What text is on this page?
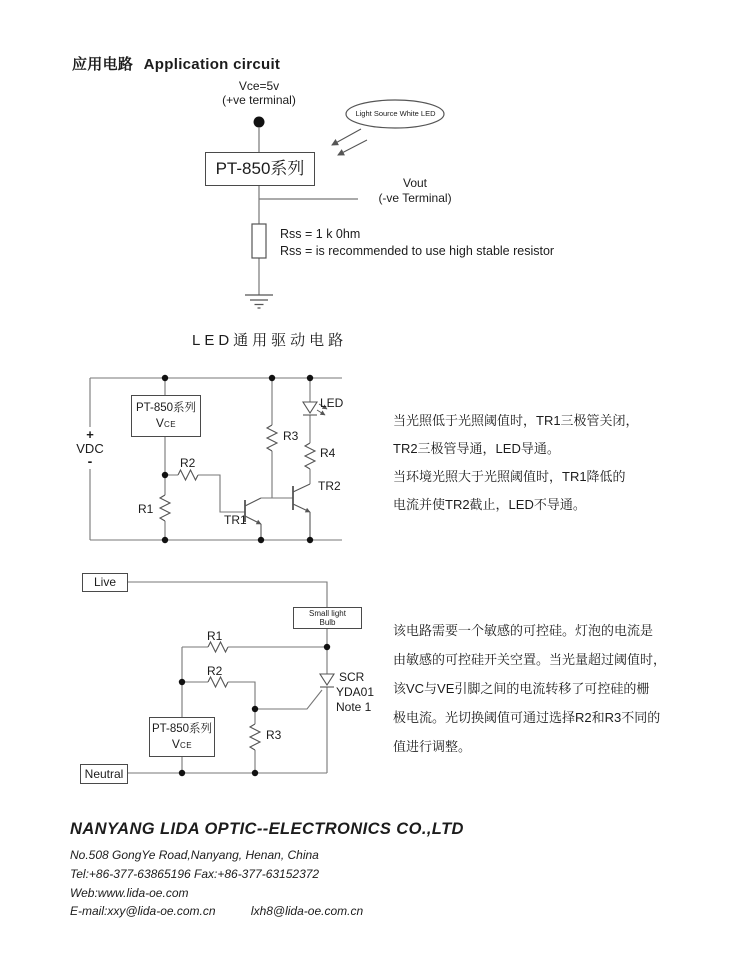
应用电路 Application circuit
Vce=5v
(+ve terminal)
PT-850系列
Light Source White LED
Vout
(-ve Terminal)
Rss = 1 k 0hm
Rss = is recommended to use high stable resistor
LED通用驱动电路
+
VDC
-
PT-850系列
VCE
R1
R2
R3
R4
LED
TR1
TR2
当光照低于光照阈值时，TR1三极管关闭，
TR2三极管导通，LED导通。
当环境光照大于光照阈值时，TR1降低的
电流并使TR2截止，LED不导通。
Live
Neutral
Small light
Bulb
PT-850系列
VCE
R1
R2
R3
SCR
YDA01
Note 1
该电路需要一个敏感的可控硅。灯泡的电流是
由敏感的可控硅开关空置。当光量超过阈值时，
该VC与VE引脚之间的电流转移了可控硅的栅
极电流。光切换阈值可通过选择R2和R3不同的
值进行调整。
NANYANG LIDA OPTIC--ELECTRONICS CO.,LTD
No.508 GongYe Road,Nanyang, Henan, China
Tel:+86-377-63865196 Fax:+86-377-63152372
Web:www.lida-oe.com
E-mail:xxy@lida-oe.com.cn	lxh8@lida-oe.com.cn
